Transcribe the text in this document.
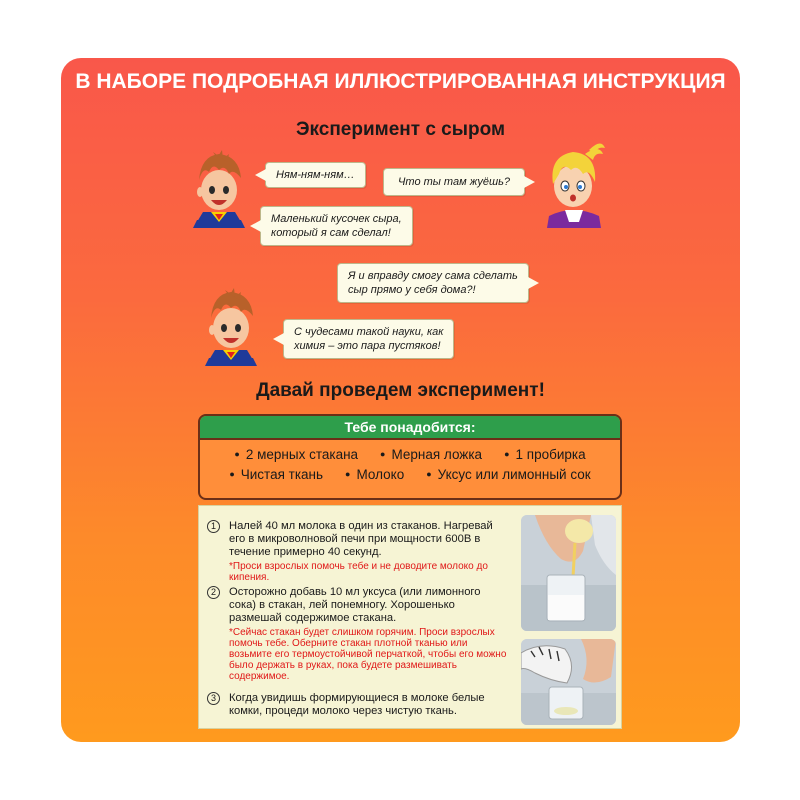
В НАБОРЕ ПОДРОБНАЯ ИЛЛЮСТРИРОВАННАЯ ИНСТРУКЦИЯ
Эксперимент с сыром
Ням-ням-ням…
Что ты там жуёшь?
Маленький кусочек сыра,
который я сам сделал!
Я и вправду смогу сама сделать
сыр прямо у себя дома?!
С чудесами такой науки, как
химия – это пара пустяков!
Давай проведем эксперимент!
Тебе понадобится:
● 2 мерных стакана	● Мерная ложка	● 1 пробирка
● Чистая ткань	● Молоко	● Уксус или лимонный сок
1	Налей 40 мл молока в один из стаканов. Нагревай его в микроволновой печи при мощности 600В в течение примерно 40 секунд.
*Проси взрослых помочь тебе и не доводите молоко до кипения.
2	Осторожно добавь 10 мл уксуса (или лимонного сока) в стакан, лей понемногу. Хорошенько размешай содержимое стакана.
*Сейчас стакан будет слишком горячим. Проси взрослых помочь тебе. Оберните стакан плотной тканью или возьмите его термоустойчивой перчаткой, чтобы его можно было держать в руках, пока будете размешивать содержимое.
3	Когда увидишь формирующиеся в молоке белые комки, процеди молоко через чистую ткань.
